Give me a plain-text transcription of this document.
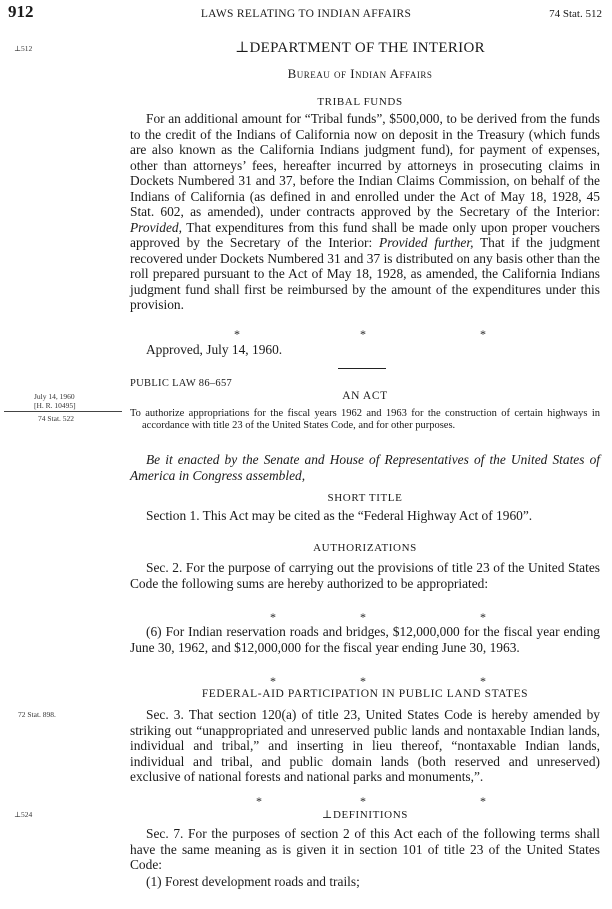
912	LAWS RELATING TO INDIAN AFFAIRS	74 Stat. 512
⊥512	⊥DEPARTMENT OF THE INTERIOR
Bureau of Indian Affairs
TRIBAL FUNDS
For an additional amount for “Tribal funds”, $500,000, to be derived from the funds to the credit of the Indians of California now on deposit in the Treasury (which funds are also known as the California Indians judgment fund), for payment of expenses, other than attorneys’ fees, hereafter incurred by attorneys in prosecuting claims in Dockets Numbered 31 and 37, before the Indian Claims Commission, on behalf of the Indians of California (as defined in and enrolled under the Act of May 18, 1928, 45 Stat. 602, as amended), under contracts approved by the Secretary of the Interior: Provided, That expenditures from this fund shall be made only upon proper vouchers approved by the Secretary of the Interior: Provided further, That if the judgment recovered under Dockets Numbered 31 and 37 is distributed on any basis other than the roll prepared pursuant to the Act of May 18, 1928, as amended, the California Indians judgment fund shall first be reimbursed by the amount of the expenditures under this provision.
*	*	*
Approved, July 14, 1960.
PUBLIC LAW 86–657
July 14, 1960
[H. R. 10495]
74 Stat. 522
AN ACT
To authorize appropriations for the fiscal years 1962 and 1963 for the construction of certain highways in accordance with title 23 of the United States Code, and for other purposes.
Be it enacted by the Senate and House of Representatives of the United States of America in Congress assembled,
SHORT TITLE
Section 1. This Act may be cited as the “Federal Highway Act of 1960”.
AUTHORIZATIONS
Sec. 2. For the purpose of carrying out the provisions of title 23 of the United States Code the following sums are hereby authorized to be appropriated:
*	*	*
(6) For Indian reservation roads and bridges, $12,000,000 for the fiscal year ending June 30, 1962, and $12,000,000 for the fiscal year ending June 30, 1963.
*	*	*
FEDERAL-AID PARTICIPATION IN PUBLIC LAND STATES
72 Stat. 898.	Sec. 3. That section 120(a) of title 23, United States Code is hereby amended by striking out “unappropriated and unreserved public lands and nontaxable Indian lands, individual and tribal,” and inserting in lieu thereof, “nontaxable Indian lands, individual and tribal, and public domain lands (both reserved and unreserved) exclusive of national forests and national parks and monuments,”.
*	*	*
⊥524	⊥DEFINITIONS
Sec. 7. For the purposes of section 2 of this Act each of the following terms shall have the same meaning as is given it in section 101 of title 23 of the United States Code:
(1) Forest development roads and trails;
